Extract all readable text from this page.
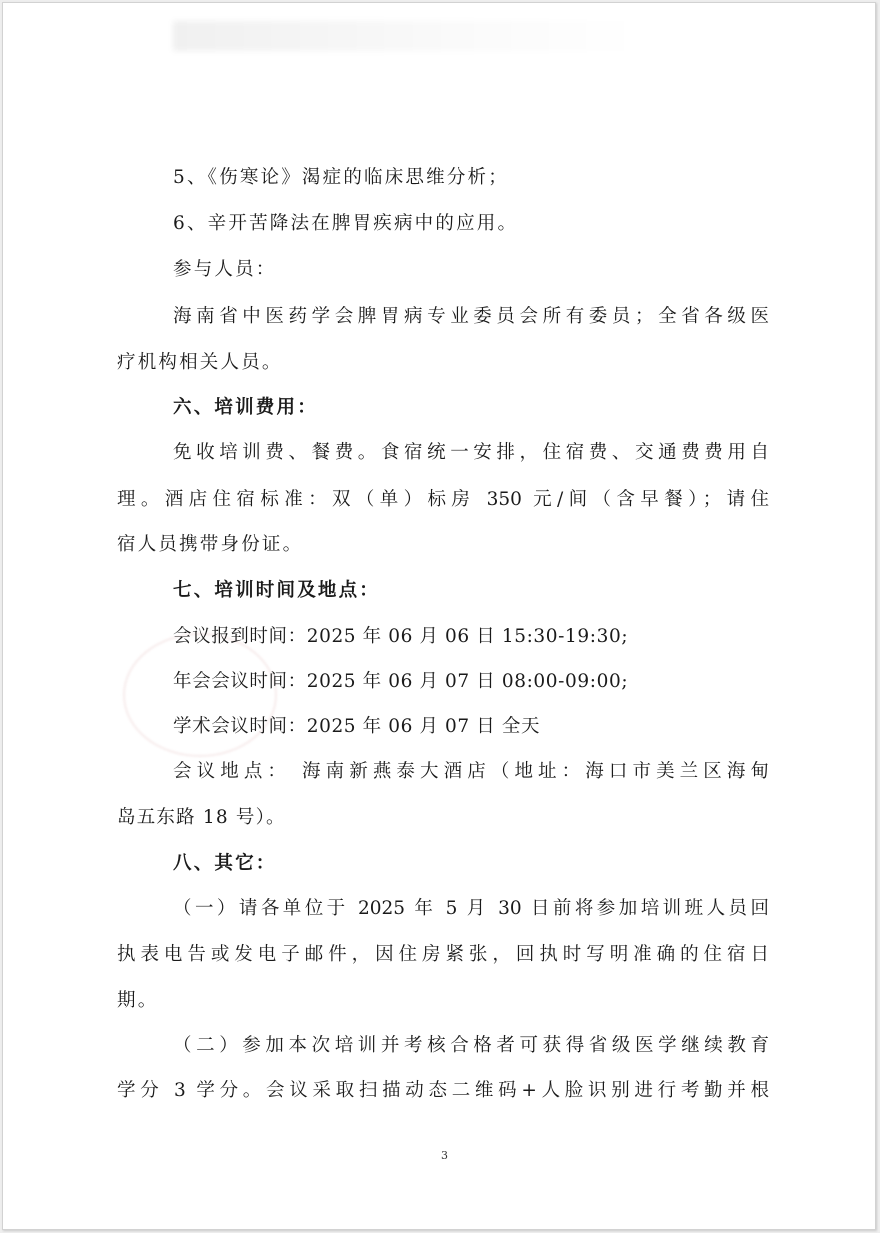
5、《伤寒论》渴症的临床思维分析；

6、辛开苦降法在脾胃疾病中的应用。

参与人员：

海南省中医药学会脾胃病专业委员会所有委员；全省各级医

疗机构相关人员。

六、培训费用：

免收培训费、餐费。食宿统一安排，住宿费、交通费费用自

理。酒店住宿标准：双（单）标房 350 元/间（含早餐）；请住

宿人员携带身份证。

七、培训时间及地点：

会议报到时间：2025 年 06 月 06 日 15:30-19:30;

年会会议时间：2025 年 06 月 07 日 08:00-09:00;

学术会议时间：2025 年 06 月 07 日 全天

会议地点： 海南新燕泰大酒店（地址：海口市美兰区海甸

岛五东路 18 号）。

八、其它：

（一）请各单位于 2025 年 5 月 30 日前将参加培训班人员回

执表电告或发电子邮件，因住房紧张，回执时写明准确的住宿日

期。

（二）参加本次培训并考核合格者可获得省级医学继续教育

学分 3 学分。会议采取扫描动态二维码+人脸识别进行考勤并根

3
